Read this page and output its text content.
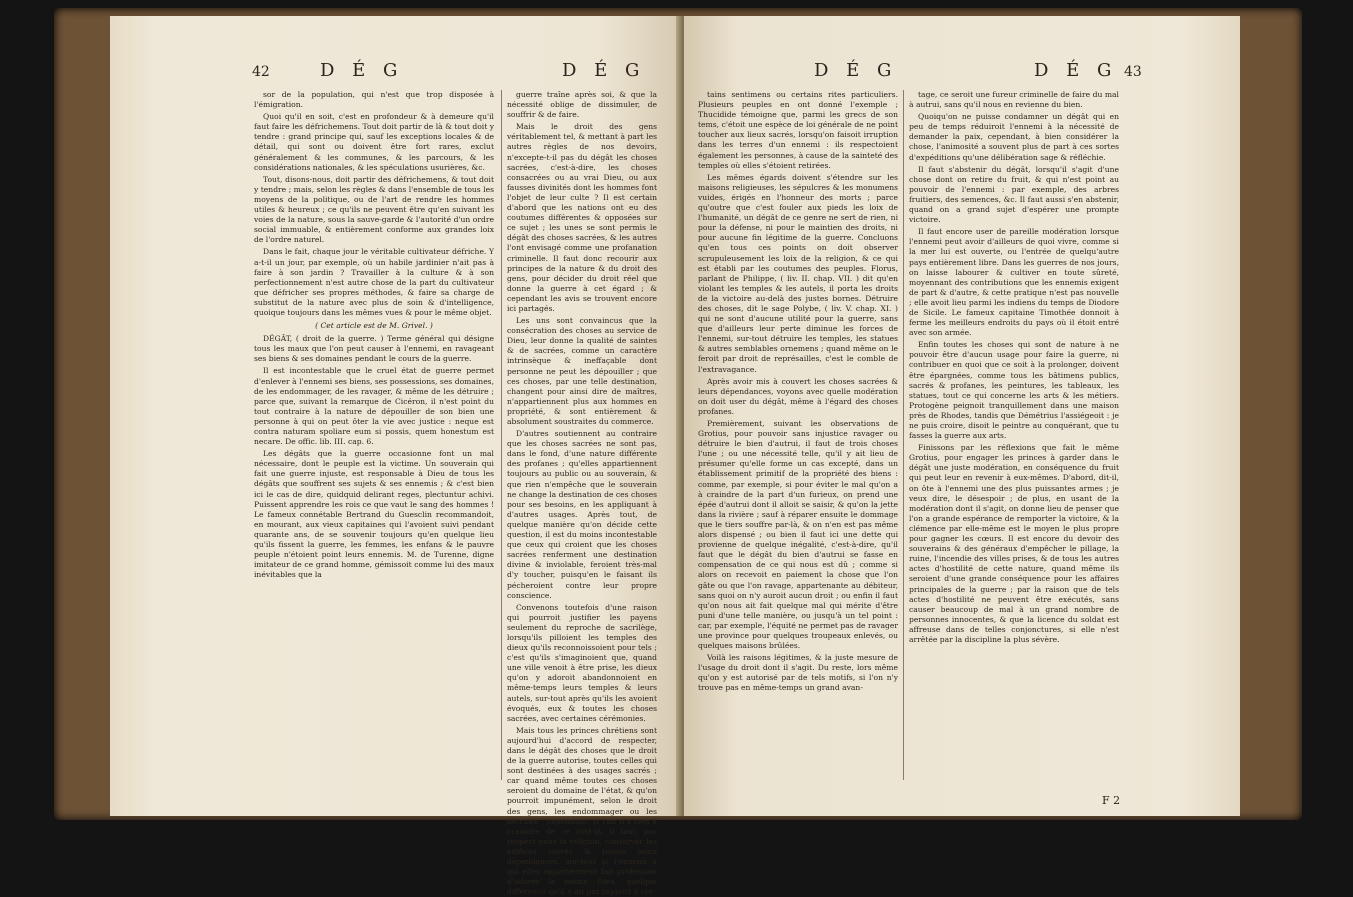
42	D É G	D É G

sor de la population, qui n'est que trop disposée à l'émigration.

Quoi qu'il en soit, c'est en profondeur & à demeure qu'il faut faire les défrichemens. Tout doit partir de là & tout doit y tendre : grand principe qui, sauf les exceptions locales & de détail, qui sont ou doivent être fort rares, exclut généralement & les communes, & les parcours, & les considérations nationales, & les spéculations usurières, &c.

Tout, disons-nous, doit partir des défrichemens, & tout doit y tendre ; mais, selon les règles & dans l'ensemble de tous les moyens de la politique, ou de l'art de rendre les hommes utiles & heureux ; ce qu'ils ne peuvent être qu'en suivant les voies de la nature, sous la sauve-garde & l'autorité d'un ordre social immuable, & entièrement conforme aux grandes loix de l'ordre naturel.

Dans le fait, chaque jour le véritable cultivateur défriche. Y a-t-il un jour, par exemple, où un habile jardinier n'ait pas à faire à son jardin ? Travailler à la culture & à son perfectionnement n'est autre chose de la part du cultivateur que défricher ses propres méthodes, & faire sa charge de substitut de la nature avec plus de soin & d'intelligence, quoique toujours dans les mêmes vues & pour le même objet.

( Cet article est de M. Grivel. )

DÉGÂT, ( droit de la guerre. ) Terme général qui désigne tous les maux que l'on peut causer à l'ennemi, en ravageant ses biens & ses domaines pendant le cours de la guerre.

Il est incontestable que le cruel état de guerre permet d'enlever à l'ennemi ses biens, ses possessions, ses domaines, de les endommager, de les ravager, & même de les détruire ; parce que, suivant la remarque de Cicéron, il n'est point du tout contraire à la nature de dépouiller de son bien une personne à qui on peut ôter la vie avec justice : neque est contra naturam spoliare eum si possis, quem honestum est necare. De offic. lib. III. cap. 6.

Les dégâts que la guerre occasionne font un mal nécessaire, dont le peuple est la victime. Un souverain qui fait une guerre injuste, est responsable à Dieu de tous les dégâts que souffrent ses sujets & ses ennemis ; & c'est bien ici le cas de dire, quidquid delirant reges, plectuntur achivi. Puissent apprendre les rois ce que vaut le sang des hommes ! Le fameux connétable Bertrand du Guesclin recommandoit, en mourant, aux vieux capitaines qui l'avoient suivi pendant quarante ans, de se souvenir toujours qu'en quelque lieu qu'ils fissent la guerre, les femmes, les enfans & le pauvre peuple n'étoient point leurs ennemis. M. de Turenne, digne imitateur de ce grand homme, gémissoit comme lui des maux inévitables que la

guerre traîne après soi, & que la nécessité oblige de dissimuler, de souffrir & de faire.

Mais le droit des gens véritablement tel, & mettant à part les autres règles de nos devoirs, n'excepte-t-il pas du dégât les choses sacrées, c'est-à-dire, les choses consacrées ou au vrai Dieu, ou aux fausses divinités dont les hommes font l'objet de leur culte ? Il est certain d'abord que les nations ont eu des coutumes différentes & opposées sur ce sujet ; les unes se sont permis le dégât des choses sacrées, & les autres l'ont envisagé comme une profanation criminelle. Il faut donc recourir aux principes de la nature & du droit des gens, pour décider du droit réel que donne la guerre à cet égard ; & cependant les avis se trouvent encore ici partagés.

Les uns sont convaincus que la consécration des choses au service de Dieu, leur donne la qualité de saintes & de sacrées, comme un caractère intrinsèque & ineffaçable dont personne ne peut les dépouiller ; que ces choses, par une telle destination, changent pour ainsi dire de maîtres, n'appartiennent plus aux hommes en propriété, & sont entièrement & absolument soustraites du commerce.

D'autres soutiennent au contraire que les choses sacrées ne sont pas, dans le fond, d'une nature différente des profanes ; qu'elles appartiennent toujours au public ou au souverain, & que rien n'empêche que le souverain ne change la destination de ces choses pour ses besoins, en les appliquant à d'autres usages. Après tout, de quelque manière qu'on décide cette question, il est du moins incontestable que ceux qui croient que les choses sacrées renferment une destination divine & inviolable, feroient très-mal d'y toucher, puisqu'en le faisant ils pécheroient contre leur propre conscience.

Convenons toutefois d'une raison qui pourroit justifier les payens seulement du reproche de sacrilège, lorsqu'ils pilloient les temples des dieux qu'ils reconnoissoient pour tels ; c'est qu'ils s'imaginoient que, quand une ville venoit à être prise, les dieux qu'on y adoroit abandonnoient en même-temps leurs temples & leurs autels, sur-tout après qu'ils les avoient évoqués, eux & toutes les choses sacrées, avec certaines cérémonies.

Mais tous les princes chrétiens sont aujourd'hui d'accord de respecter, dans le dégât des choses que le droit de la guerre autorise, toutes celles qui sont destinées à des usages sacrés ; car quand même toutes ces choses seroient du domaine de l'état, & qu'on pourroit impunément, selon le droit des gens, les endommager ou les détruire ; cependant, si l'on n'a rien à craindre de ce côté-là, il faut, par respect pour la religion, conserver les édifices sacrés & toutes leurs dépendances, sur-tout si l'ennemi à qui elles appartiennent fait profession d'adorer le même Dieu, quelque différence qu'il y ait par rapport à cer-

D É G	D É G 43

tains sentimens ou certains rites particuliers. Plusieurs peuples en ont donné l'exemple ; Thucidide témoigne que, parmi les grecs de son tems, c'étoit une espèce de loi générale de ne point toucher aux lieux sacrés, lorsqu'on faisoit irruption dans les terres d'un ennemi : ils respectoient également les personnes, à cause de la sainteté des temples où elles s'étoient retirées.

Les mêmes égards doivent s'étendre sur les maisons religieuses, les sépulcres & les monumens vuides, érigés en l'honneur des morts ; parce qu'outre que c'est fouler aux pieds les loix de l'humanité, un dégât de ce genre ne sert de rien, ni pour la défense, ni pour le maintien des droits, ni pour aucune fin légitime de la guerre. Concluons qu'en tous ces points on doit observer scrupuleusement les loix de la religion, & ce qui est établi par les coutumes des peuples. Florus, parlant de Philippe, ( liv. II. chap. VII. ) dit qu'en violant les temples & les autels, il porta les droits de la victoire au-delà des justes bornes. Détruire des choses, dit le sage Polybe, ( liv. V. chap. XI. ) qui ne sont d'aucune utilité pour la guerre, sans que d'ailleurs leur perte diminue les forces de l'ennemi, sur-tout détruire les temples, les statues & autres semblables ornemens ; quand même on le feroit par droit de représailles, c'est le comble de l'extravagance.

Après avoir mis à couvert les choses sacrées & leurs dépendances, voyons avec quelle modération on doit user du dégât, même à l'égard des choses profanes.

Premièrement, suivant les observations de Grotius, pour pouvoir sans injustice ravager ou détruire le bien d'autrui, il faut de trois choses l'une ; ou une nécessité telle, qu'il y ait lieu de présumer qu'elle forme un cas excepté, dans un établissement primitif de la propriété des biens : comme, par exemple, si pour éviter le mal qu'on a à craindre de la part d'un furieux, on prend une épée d'autrui dont il alloit se saisir, & qu'on la jette dans la rivière ; sauf à réparer ensuite le dommage que le tiers souffre par-là, & on n'en est pas même alors dispensé ; ou bien il faut ici une dette qui provienne de quelque inégalité, c'est-à-dire, qu'il faut que le dégât du bien d'autrui se fasse en compensation de ce qui nous est dû ; comme si alors on recevoit en paiement la chose que l'on gâte ou que l'on ravage, appartenante au débiteur, sans quoi on n'y auroit aucun droit ; ou enfin il faut qu'on nous ait fait quelque mal qui mérite d'être puni d'une telle manière, ou jusqu'à un tel point : car, par exemple, l'équité ne permet pas de ravager une province pour quelques troupeaux enlevés, ou quelques maisons brûlées.

Voilà les raisons légitimes, & la juste mesure de l'usage du droit dont il s'agit. Du reste, lors même qu'on y est autorisé par de tels motifs, si l'on n'y trouve pas en même-temps un grand avan-

tage, ce seroit une fureur criminelle de faire du mal à autrui, sans qu'il nous en revienne du bien.

Quoiqu'on ne puisse condamner un dégât qui en peu de temps réduiroit l'ennemi à la nécessité de demander la paix, cependant, à bien considérer la chose, l'animosité a souvent plus de part à ces sortes d'expéditions qu'une délibération sage & réfléchie.

Il faut s'abstenir du dégât, lorsqu'il s'agit d'une chose dont on retire du fruit, & qui n'est point au pouvoir de l'ennemi : par exemple, des arbres fruitiers, des semences, &c. Il faut aussi s'en abstenir, quand on a grand sujet d'espérer une prompte victoire.

Il faut encore user de pareille modération lorsque l'ennemi peut avoir d'ailleurs de quoi vivre, comme si la mer lui est ouverte, ou l'entrée de quelqu'autre pays entièrement libre. Dans les guerres de nos jours, on laisse labourer & cultiver en toute sûreté, moyennant des contributions que les ennemis exigent de part & d'autre, & cette pratique n'est pas nouvelle ; elle avoit lieu parmi les indiens du temps de Diodore de Sicile. Le fameux capitaine Timothée donnoit à ferme les meilleurs endroits du pays où il étoit entré avec son armée.

Enfin toutes les choses qui sont de nature à ne pouvoir être d'aucun usage pour faire la guerre, ni contribuer en quoi que ce soit à la prolonger, doivent être épargnées, comme tous les bâtimens publics, sacrés & profanes, les peintures, les tableaux, les statues, tout ce qui concerne les arts & les métiers. Protogène peignoit tranquillement dans une maison près de Rhodes, tandis que Démétrius l'assiégeoit : je ne puis croire, disoit le peintre au conquérant, que tu fasses la guerre aux arts.

Finissons par les réflexions que fait le même Grotius, pour engager les princes à garder dans le dégât une juste modération, en conséquence du fruit qui peut leur en revenir à eux-mêmes. D'abord, dit-il, on ôte à l'ennemi une des plus puissantes armes ; je veux dire, le désespoir ; de plus, en usant de la modération dont il s'agit, on donne lieu de penser que l'on a grande espérance de remporter la victoire, & la clémence par elle-même est le moyen le plus propre pour gagner les cœurs. Il est encore du devoir des souverains & des généraux d'empêcher le pillage, la ruine, l'incendie des villes prises, & de tous les autres actes d'hostilité de cette nature, quand même ils seroient d'une grande conséquence pour les affaires principales de la guerre ; par la raison que de tels actes d'hostilité ne peuvent être exécutés, sans causer beaucoup de mal à un grand nombre de personnes innocentes, & que la licence du soldat est affreuse dans de telles conjonctures, si elle n'est arrêtée par la discipline la plus sévère.

F 2
